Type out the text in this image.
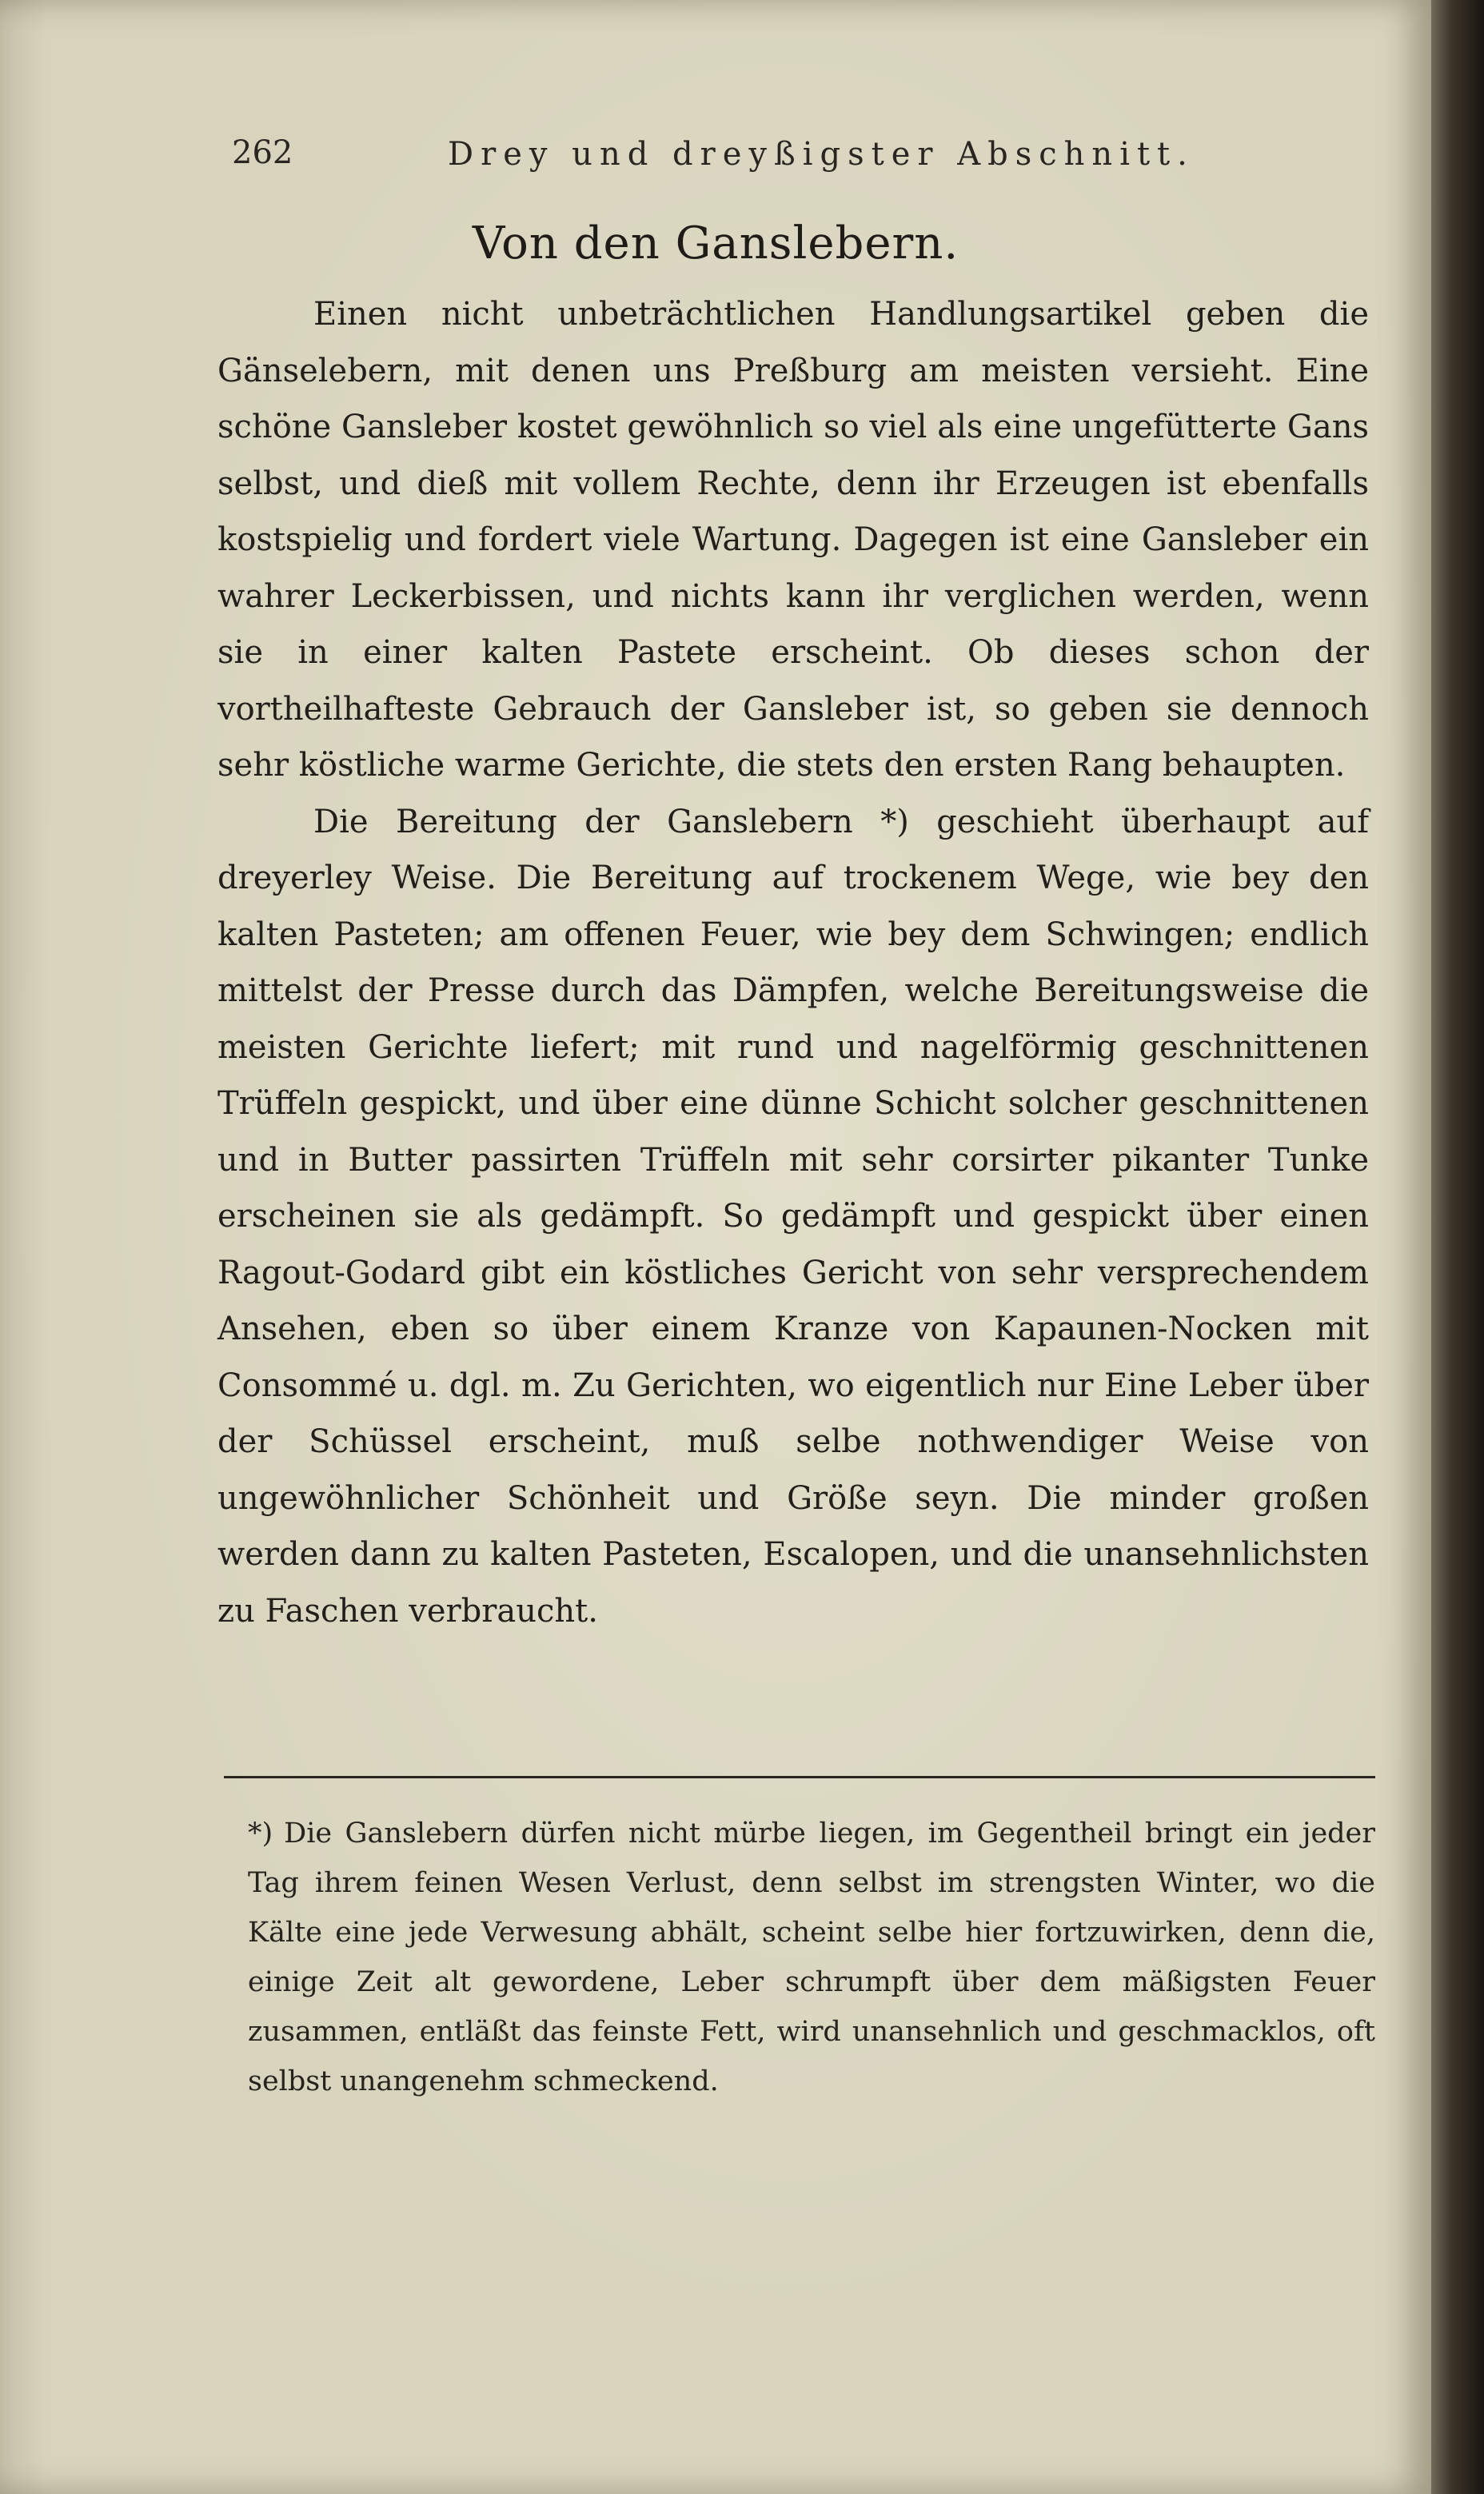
262	Drey und dreyßigster Abschnitt.
Von den Ganslebern.

Einen nicht unbeträchtlichen Handlungsartikel geben die Gänselebern, mit denen uns Preßburg am meisten versieht. Eine schöne Gansleber kostet gewöhnlich so viel als eine ungefütterte Gans selbst, und dieß mit vollem Rechte, denn ihr Erzeugen ist ebenfalls kostspielig und fordert viele Wartung. Dagegen ist eine Gansleber ein wahrer Leckerbissen, und nichts kann ihr verglichen werden, wenn sie in einer kalten Pastete erscheint. Ob dieses schon der vortheilhafteste Gebrauch der Gansleber ist, so geben sie dennoch sehr köstliche warme Gerichte, die stets den ersten Rang behaupten.

Die Bereitung der Ganslebern *) geschieht überhaupt auf dreyerley Weise. Die Bereitung auf trockenem Wege, wie bey den kalten Pasteten; am offenen Feuer, wie bey dem Schwingen; endlich mittelst der Presse durch das Dämpfen, welche Bereitungsweise die meisten Gerichte liefert; mit rund und nagelförmig geschnittenen Trüffeln gespickt, und über eine dünne Schicht solcher geschnittenen und in Butter passirten Trüffeln mit sehr corsirter pikanter Tunke erscheinen sie als gedämpft. So gedämpft und gespickt über einen Ragout-Godard gibt ein köstliches Gericht von sehr versprechendem Ansehen, eben so über einem Kranze von Kapaunen-Nocken mit Consommé u. dgl. m. Zu Gerichten, wo eigentlich nur Eine Leber über der Schüssel erscheint, muß selbe nothwendiger Weise von ungewöhnlicher Schönheit und Größe seyn. Die minder großen werden dann zu kalten Pasteten, Escalopen, und die unansehnlichsten zu Faschen verbraucht.

*) Die Ganslebern dürfen nicht mürbe liegen, im Gegentheil bringt ein jeder Tag ihrem feinen Wesen Verlust, denn selbst im strengsten Winter, wo die Kälte eine jede Verwesung abhält, scheint selbe hier fortzuwirken, denn die, einige Zeit alt gewordene, Leber schrumpft über dem mäßigsten Feuer zusammen, entläßt das feinste Fett, wird unansehnlich und geschmacklos, oft selbst unangenehm schmeckend.
